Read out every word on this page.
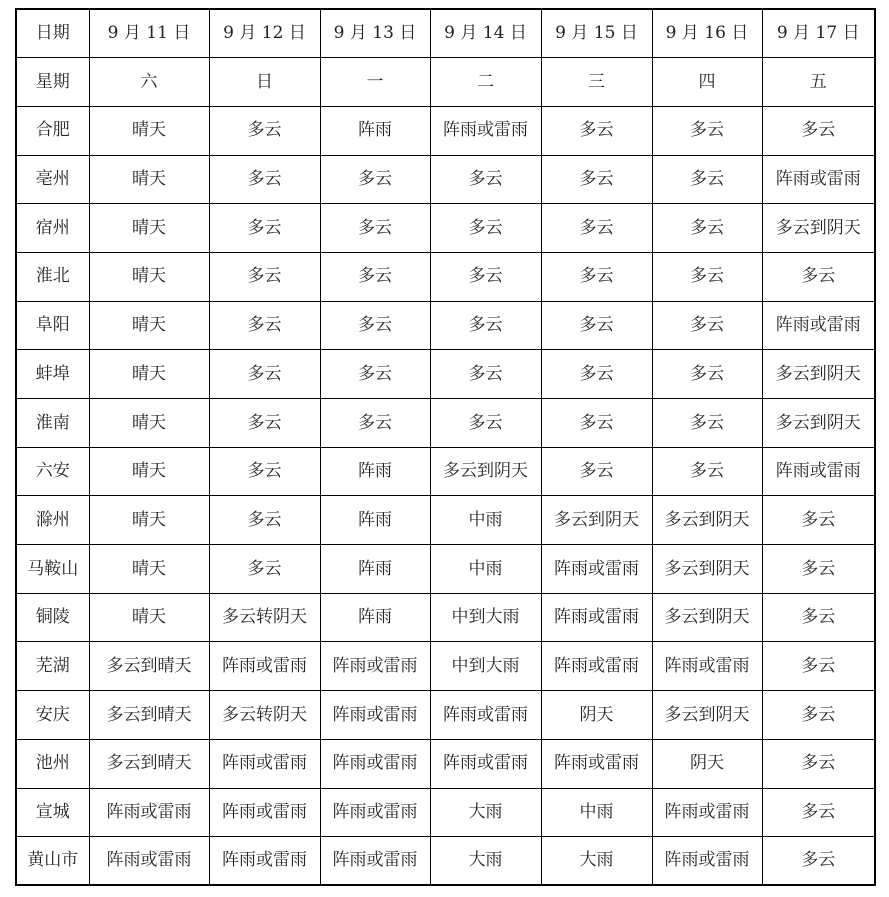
日期	9 月 11 日	9 月 12 日	9 月 13 日	9 月 14 日	9 月 15 日	9 月 16 日	9 月 17 日
星期	六	日	一	二	三	四	五
合肥	晴天	多云	阵雨	阵雨或雷雨	多云	多云	多云
亳州	晴天	多云	多云	多云	多云	多云	阵雨或雷雨
宿州	晴天	多云	多云	多云	多云	多云	多云到阴天
淮北	晴天	多云	多云	多云	多云	多云	多云
阜阳	晴天	多云	多云	多云	多云	多云	阵雨或雷雨
蚌埠	晴天	多云	多云	多云	多云	多云	多云到阴天
淮南	晴天	多云	多云	多云	多云	多云	多云到阴天
六安	晴天	多云	阵雨	多云到阴天	多云	多云	阵雨或雷雨
滁州	晴天	多云	阵雨	中雨	多云到阴天	多云到阴天	多云
马鞍山	晴天	多云	阵雨	中雨	阵雨或雷雨	多云到阴天	多云
铜陵	晴天	多云转阴天	阵雨	中到大雨	阵雨或雷雨	多云到阴天	多云
芜湖	多云到晴天	阵雨或雷雨	阵雨或雷雨	中到大雨	阵雨或雷雨	阵雨或雷雨	多云
安庆	多云到晴天	多云转阴天	阵雨或雷雨	阵雨或雷雨	阴天	多云到阴天	多云
池州	多云到晴天	阵雨或雷雨	阵雨或雷雨	阵雨或雷雨	阵雨或雷雨	阴天	多云
宣城	阵雨或雷雨	阵雨或雷雨	阵雨或雷雨	大雨	中雨	阵雨或雷雨	多云
黄山市	阵雨或雷雨	阵雨或雷雨	阵雨或雷雨	大雨	大雨	阵雨或雷雨	多云
